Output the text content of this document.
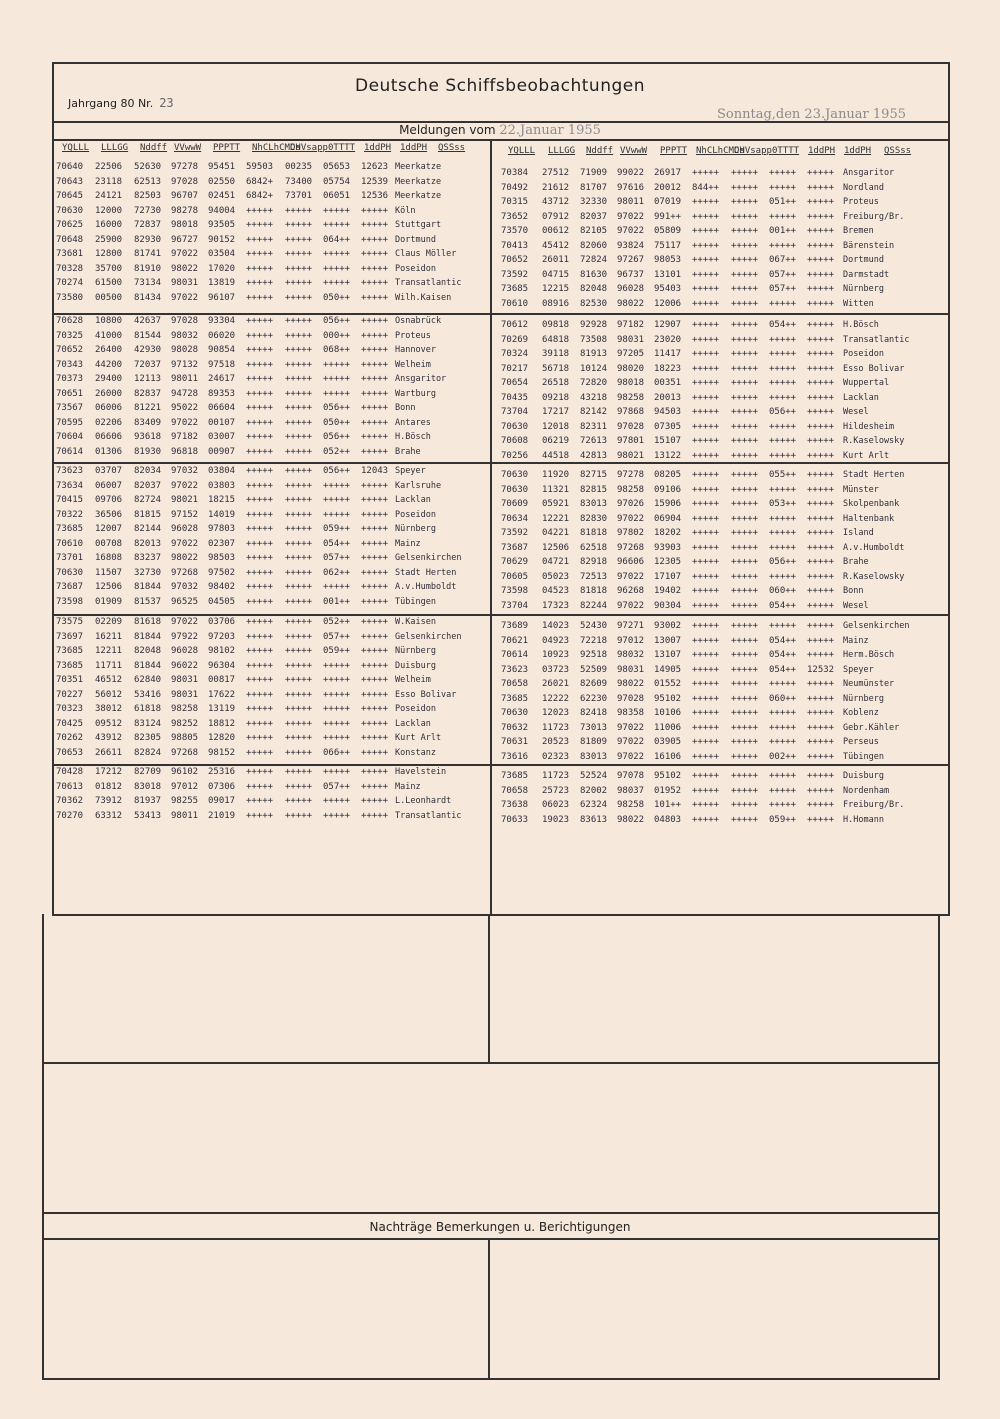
Deutsche Schiffsbeobachtungen
Jahrgang 80 Nr. 23
Sonntag,den 23.Januar 1955
Meldungen vom 22.Januar 1955
YQLLL LLLGG Nddff VVwwW PPPTT NhCLhCMCH
DsVsapp 0TTTT 1ddPH 1ddPH QSSss	YQLLL LLLGG Nddff VVwwW PPPTT NhCLhCMCH
DsVsapp 0TTTT 1ddPH 1ddPH QSSss
70640 22506 52630 97278 95451 59503 00235 05653 12623 Meerkatze
70643 23118 62513 97028 02550 6842+ 73400 05754 12539 Meerkatze
70645 24121 82503 96707 02451 6842+ 73701 06051 12536 Meerkatze
70630 12000 72730 98278 94004 +++++ +++++ +++++ +++++ Köln
70625 16000 72837 98018 93505 +++++ +++++ +++++ +++++ Stuttgart
70648 25900 82930 96727 90152 +++++ +++++ 064++ +++++ Dortmund
73681 12800 81741 97022 03504 +++++ +++++ +++++ +++++ Claus Möller
70328 35700 81910 98022 17020 +++++ +++++ +++++ +++++ Poseidon
70274 61500 73134 98031 13819 +++++ +++++ +++++ +++++ Transatlantic
73580 00500 81434 97022 96107 +++++ +++++ 050++ +++++ Wilh.Kaisen
70628 10800 42637 97028 93304 +++++ +++++ 056++ +++++ Osnabrück
70325 41000 81544 98032 06020 +++++ +++++ 000++ +++++ Proteus
70652 26400 42930 98028 90854 +++++ +++++ 068++ +++++ Hannover
70343 44200 72037 97132 97518 +++++ +++++ +++++ +++++ Welheim
70373 29400 12113 98011 24617 +++++ +++++ +++++ +++++ Ansgaritor
70651 26000 82837 94728 89353 +++++ +++++ +++++ +++++ Wartburg
73567 06006 81221 95022 06604 +++++ +++++ 056++ +++++ Bonn
70595 02206 83409 97022 00107 +++++ +++++ 050++ +++++ Antares
70604 06606 93618 97182 03007 +++++ +++++ 056++ +++++ H.Bösch
70614 01306 81930 96818 00907 +++++ +++++ 052++ +++++ Brahe
73623 03707 82034 97032 03804 +++++ +++++ 056++ 12043 Speyer
73634 06007 82037 97022 03803 +++++ +++++ +++++ +++++ Karlsruhe
70415 09706 82724 98021 18215 +++++ +++++ +++++ +++++ Lacklan
70322 36506 81815 97152 14019 +++++ +++++ +++++ +++++ Poseidon
73685 12007 82144 96028 97803 +++++ +++++ 059++ +++++ Nürnberg
70610 00708 82013 97022 02307 +++++ +++++ 054++ +++++ Mainz
73701 16808 83237 98022 98503 +++++ +++++ 057++ +++++ Gelsenkirchen
70630 11507 32730 97268 97502 +++++ +++++ 062++ +++++ Stadt Herten
73687 12506 81844 97032 98402 +++++ +++++ +++++ +++++ A.v.Humboldt
73598 01909 81537 96525 04505 +++++ +++++ 001++ +++++ Tübingen
73575 02209 81618 97022 03706 +++++ +++++ 052++ +++++ W.Kaisen
73697 16211 81844 97922 97203 +++++ +++++ 057++ +++++ Gelsenkirchen
73685 12211 82048 96028 98102 +++++ +++++ 059++ +++++ Nürnberg
73685 11711 81844 96022 96304 +++++ +++++ +++++ +++++ Duisburg
70351 46512 62840 98031 00817 +++++ +++++ +++++ +++++ Welheim
70227 56012 53416 98031 17622 +++++ +++++ +++++ +++++ Esso Bolivar
70323 38012 61818 98258 13119 +++++ +++++ +++++ +++++ Poseidon
70425 09512 83124 98252 18812 +++++ +++++ +++++ +++++ Lacklan
70262 43912 82305 98805 12820 +++++ +++++ +++++ +++++ Kurt Arlt
70653 26611 82824 97268 98152 +++++ +++++ 066++ +++++ Konstanz
70428 17212 82709 96102 25316 +++++ +++++ +++++ +++++ Havelstein
70613 01812 83018 97012 07306 +++++ +++++ 057++ +++++ Mainz
70362 73912 81937 98255 09017 +++++ +++++ +++++ +++++ L.Leonhardt
70270 63312 53413 98011 21019 +++++ +++++ +++++ +++++ Transatlantic
70384 27512 71909 99022 26917 +++++ +++++ +++++ +++++ Ansgaritor
70492 21612 81707 97616 20012 844++ +++++ +++++ +++++ Nordland
70315 43712 32330 98011 07019 +++++ +++++ 051++ +++++ Proteus
73652 07912 82037 97022 991++ +++++ +++++ +++++ +++++ Freiburg/Br.
73570 00612 82105 97022 05809 +++++ +++++ 001++ +++++ Bremen
70413 45412 82060 93824 75117 +++++ +++++ +++++ +++++ Bärenstein
70652 26011 72824 97267 98053 +++++ +++++ 067++ +++++ Dortmund
73592 04715 81630 96737 13101 +++++ +++++ 057++ +++++ Darmstadt
73685 12215 82048 96028 95403 +++++ +++++ 057++ +++++ Nürnberg
70610 08916 82530 98022 12006 +++++ +++++ +++++ +++++ Witten
70612 09818 92928 97182 12907 +++++ +++++ 054++ +++++ H.Bösch
70269 64818 73508 98031 23020 +++++ +++++ +++++ +++++ Transatlantic
70324 39118 81913 97205 11417 +++++ +++++ +++++ +++++ Poseidon
70217 56718 10124 98020 18223 +++++ +++++ +++++ +++++ Esso Bolivar
70654 26518 72820 98018 00351 +++++ +++++ +++++ +++++ Wuppertal
70435 09218 43218 98258 20013 +++++ +++++ +++++ +++++ Lacklan
73704 17217 82142 97868 94503 +++++ +++++ 056++ +++++ Wesel
70630 12018 82311 97028 07305 +++++ +++++ +++++ +++++ Hildesheim
70608 06219 72613 97801 15107 +++++ +++++ +++++ +++++ R.Kaselowsky
70256 44518 42813 98021 13122 +++++ +++++ +++++ +++++ Kurt Arlt
70630 11920 82715 97278 08205 +++++ +++++ 055++ +++++ Stadt Herten
70630 11321 82815 98258 09106 +++++ +++++ +++++ +++++ Münster
70609 05921 83013 97026 15906 +++++ +++++ 053++ +++++ Skolpenbank
70634 12221 82830 97022 06904 +++++ +++++ +++++ +++++ Haltenbank
73592 04221 81818 97802 18202 +++++ +++++ +++++ +++++ Island
73687 12506 62518 97268 93903 +++++ +++++ +++++ +++++ A.v.Humboldt
70629 04721 82918 96606 12305 +++++ +++++ 056++ +++++ Brahe
70605 05023 72513 97022 17107 +++++ +++++ +++++ +++++ R.Kaselowsky
73598 04523 81818 96268 19402 +++++ +++++ 060++ +++++ Bonn
73704 17323 82244 97022 90304 +++++ +++++ 054++ +++++ Wesel
73689 14023 52430 97271 93002 +++++ +++++ +++++ +++++ Gelsenkirchen
70621 04923 72218 97012 13007 +++++ +++++ 054++ +++++ Mainz
70614 10923 92518 98032 13107 +++++ +++++ 054++ +++++ Herm.Bösch
73623 03723 52509 98031 14905 +++++ +++++ 054++ 12532 Speyer
70658 26021 82609 98022 01552 +++++ +++++ +++++ +++++ Neumünster
73685 12222 62230 97028 95102 +++++ +++++ 060++ +++++ Nürnberg
70630 12023 82418 98358 10106 +++++ +++++ +++++ +++++ Koblenz
70632 11723 73013 97022 11006 +++++ +++++ +++++ +++++ Gebr.Kähler
70631 20523 81809 97022 03905 +++++ +++++ +++++ +++++ Perseus
73616 02323 83013 97022 16106 +++++ +++++ 002++ +++++ Tübingen
73685 11723 52524 97078 95102 +++++ +++++ +++++ +++++ Duisburg
70658 25723 82002 98037 01952 +++++ +++++ +++++ +++++ Nordenham
73638 06023 62324 98258 101++ +++++ +++++ +++++ +++++ Freiburg/Br.
70633 19023 83613 98022 04803 +++++ +++++ 059++ +++++ H.Homann
Nachträge Bemerkungen u. Berichtigungen
